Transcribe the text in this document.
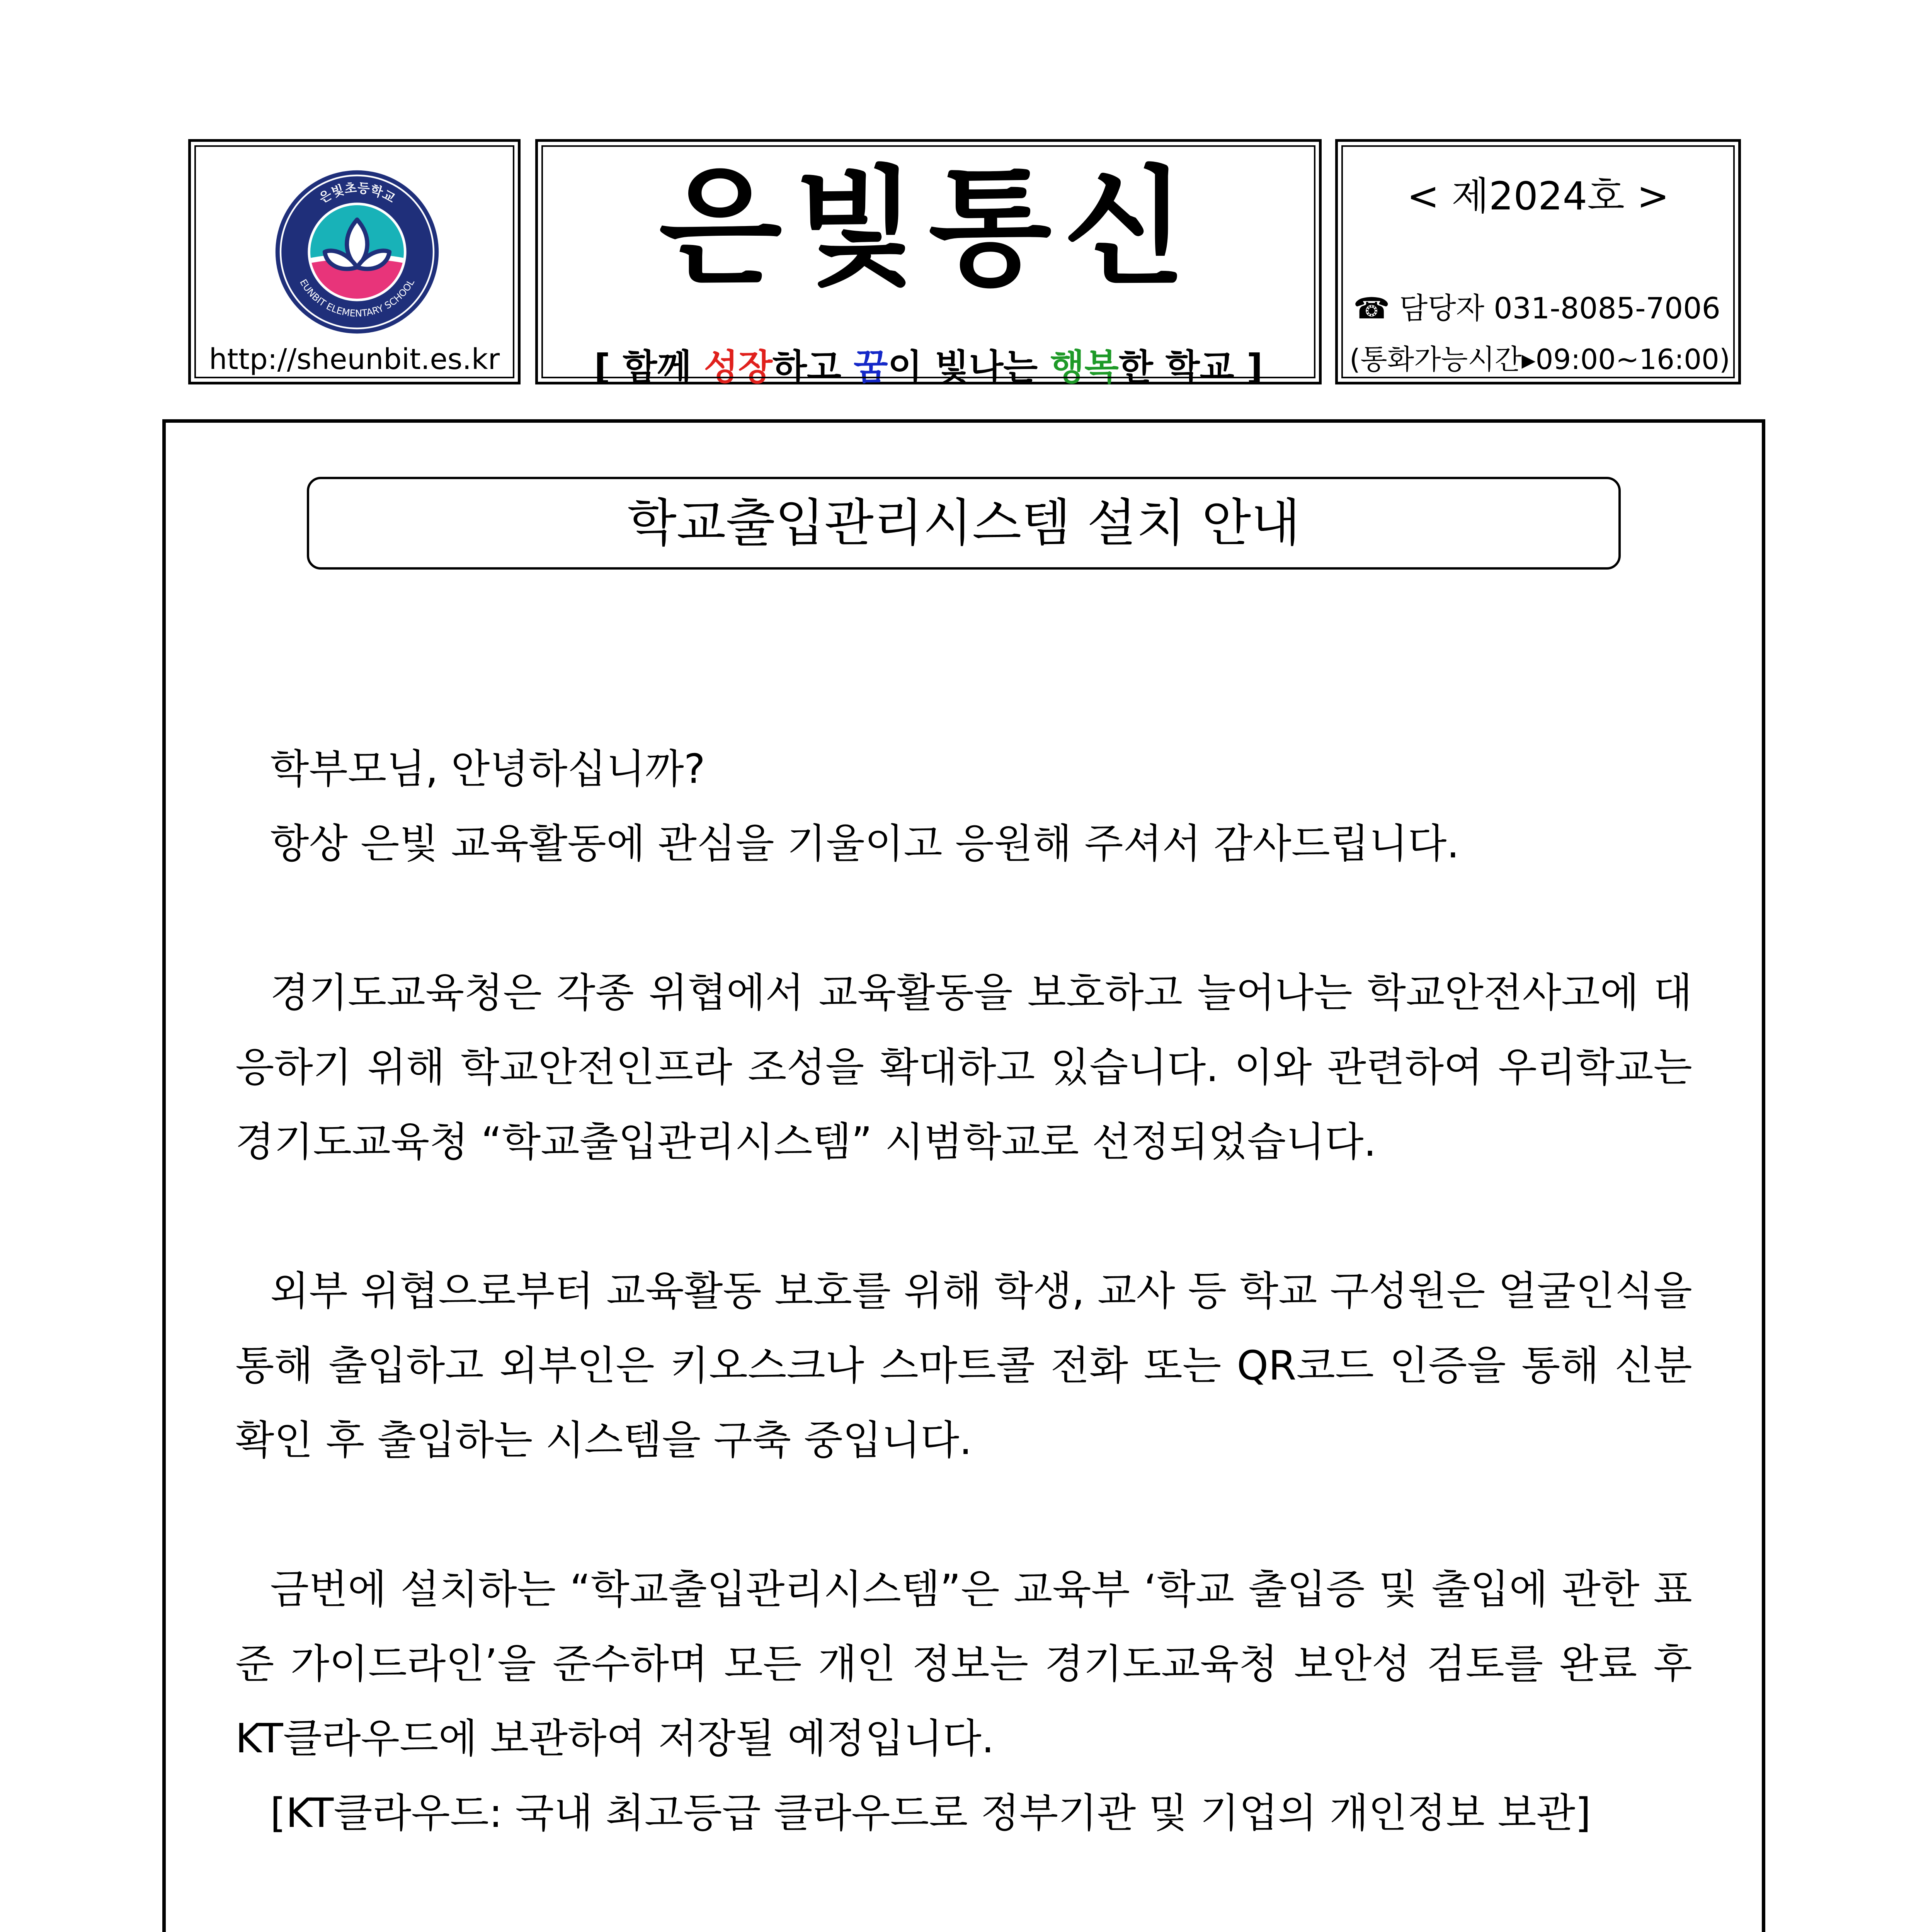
은빛초등학교
EUNBIT ELEMENTARY SCHOOL
http://sheunbit.es.kr
은빛통신
[ 함께 성장하고 꿈이 빛나는 행복한 학교 ]
< 제2024호 >
☎ 담당자 031-8085-7006
(통화가능시간▸09:00~16:00)
학교출입관리시스템 설치 안내

학부모님, 안녕하십니까?

항상 은빛 교육활동에 관심을 기울이고 응원해 주셔서 감사드립니다.

경기도교육청은 각종 위협에서 교육활동을 보호하고 늘어나는 학교안전사고에 대응하기 위해 학교안전인프라 조성을 확대하고 있습니다. 이와 관련하여 우리학교는 경기도교육청 “학교출입관리시스템” 시범학교로 선정되었습니다.

외부 위협으로부터 교육활동 보호를 위해 학생, 교사 등 학교 구성원은 얼굴인식을 통해 출입하고 외부인은 키오스크나 스마트콜 전화 또는 QR코드 인증을 통해 신분 확인 후 출입하는 시스템을 구축 중입니다.

금번에 설치하는 “학교출입관리시스템”은 교육부 ‘학교 출입증 및 출입에 관한 표준 가이드라인’을 준수하며 모든 개인 정보는 경기도교육청 보안성 검토를 완료 후 KT클라우드에 보관하여 저장될 예정입니다.

[KT클라우드: 국내 최고등급 클라우드로 정부기관 및 기업의 개인정보 보관]
